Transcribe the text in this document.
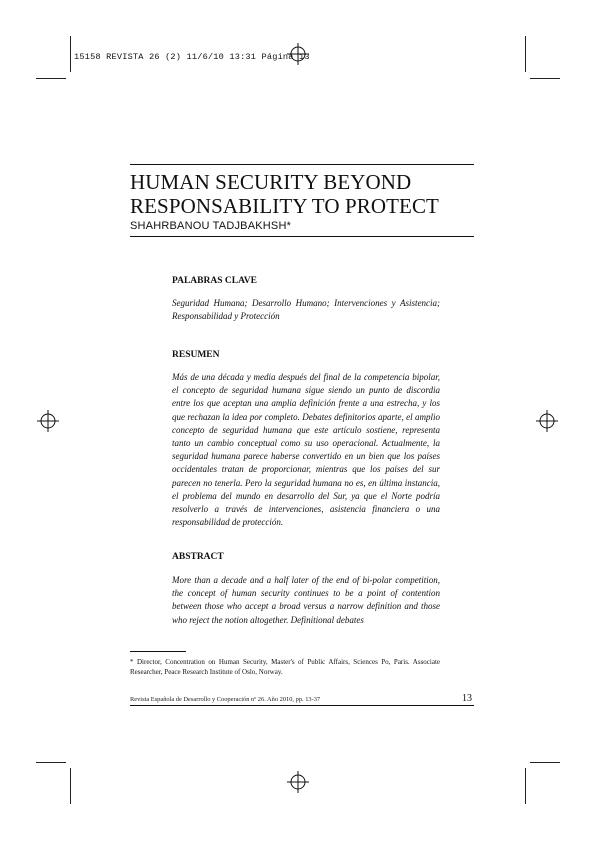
15158 REVISTA 26 (2) 11/6/10 13:31 Página 13
HUMAN SECURITY BEYOND RESPONSABILITY TO PROTECT
SHAHRBANOU TADJBAKHSH*
PALABRAS CLAVE

Seguridad Humana; Desarrollo Humano; Intervenciones y Asistencia; Responsabilidad y Protección

RESUMEN

Más de una década y media después del final de la competencia bipolar, el concepto de seguridad humana sigue siendo un punto de discordia entre los que aceptan una amplia definición frente a una estrecha, y los que rechazan la idea por completo. Debates definitorios aparte, el amplio concepto de seguridad humana que este artículo sostiene, representa tanto un cambio conceptual como su uso operacional. Actualmente, la seguridad humana parece haberse convertido en un bien que los países occidentales tratan de proporcionar, mientras que los países del sur parecen no tenerla. Pero la seguridad humana no es, en última instancia, el problema del mundo en desarrollo del Sur, ya que el Norte podría resolverlo a través de intervenciones, asistencia financiera o una responsabilidad de protección.

ABSTRACT

More than a decade and a half later of the end of bi-polar competition, the concept of human security continues to be a point of contention between those who accept a broad versus a narrow definition and those who reject the notion altogether. Definitional debates

* Director, Concentration on Human Security, Master's of Public Affairs, Sciences Po, Paris. Associate Researcher, Peace Research Institute of Oslo, Norway.
Revista Española de Desarrollo y Cooperación nº 26. Año 2010, pp. 13-37	13
